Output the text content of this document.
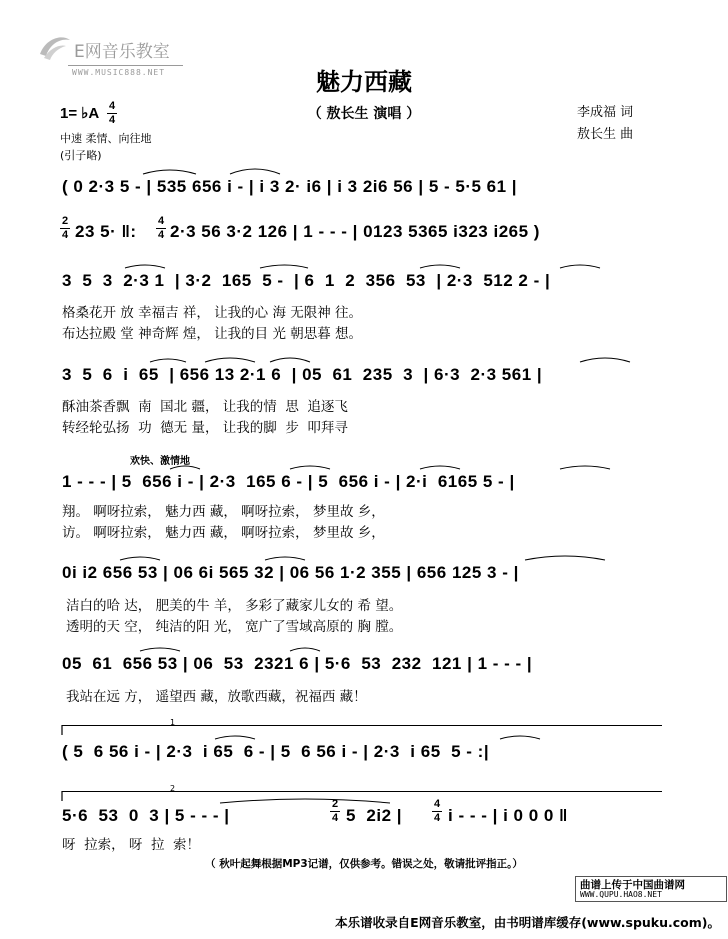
E网音乐教室
WWW.MUSIC888.NET	魅力西藏
（ 敖长生 演唱 ）	李成福 词
敖长生 曲
1= ♭A 4
4
中速 柔情、向往地
(引子略)
( 0 2·3 5 - | 535 656 i - | i 3 2· i6 | i 3 2i6 56 | 5 - 5·5 61 |
2
4 23 5· ‖:
4
4 2·3 56 3·2 126 | 1 - - - | 0123 5365 i323 i265 )
3  5  3  2·3 1  | 3·2  165  5 -  | 6  1  2  356  53  | 2·3  512 2 - |
格桑花开 放 幸福吉 祥， 让我的心 海 无限神 往。
布达拉殿 堂 神奇辉 煌， 让我的目 光 朝思暮 想。
3  5  6  i  65  | 656 13 2·1 6  | 05  61  235  3  | 6·3  2·3 561 |
酥油茶香飘  南  国北 疆， 让我的情  思  追逐飞
转经轮弘扬  功  德无 量， 让我的脚  步  叩拜寻
欢快、激情地
1 - - - | 5  656 i - | 2·3  165 6 - | 5  656 i - | 2·i  6165 5 - |
翔。 啊呀拉索， 魅力西 藏， 啊呀拉索， 梦里故 乡，
访。 啊呀拉索， 魅力西 藏， 啊呀拉索， 梦里故 乡，
0i i2 656 53 | 06 6i 565 32 | 06 56 1·2 355 | 656 125 3 - |
洁白的哈 达， 肥美的牛 羊， 多彩了藏家儿女的 希 望。
透明的天 空， 纯洁的阳 光， 宽广了雪域高原的 胸 膛。
05  61  656 53 | 06  53  2321 6 | 5·6  53  232  121 | 1 - - - |
我站在远 方， 遥望西 藏，放歌西藏，祝福西 藏！
1
( 5  6 56 i - | 2·3  i 65  6 - | 5  6 56 i - | 2·3  i 65  5 - :|
2
5·6  53  0  3 | 5 - - - |
2
4 5  2i2 |
4
4 i - - - | i 0 0 0 ‖
呀  拉索， 呀  拉  索！
（ 秋叶起舞根据MP3记谱，仅供参考。错误之处，敬请批评指正。）
曲谱上传于中国曲谱网
WWW.QUPU.HAO8.NET
本乐谱收录自E网音乐教室，由书明谱库缓存(www.spuku.com)。
